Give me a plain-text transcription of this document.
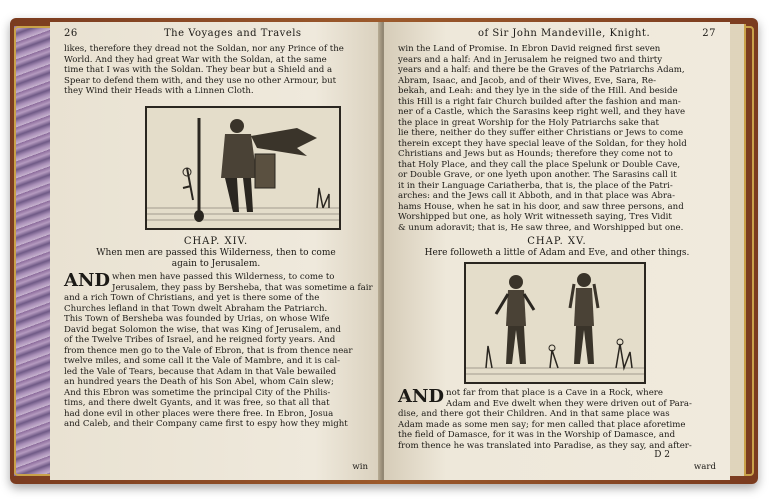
26	The Voyages and Travels
likes, therefore they dread not the Soldan, nor any Prince of the
World. And they had great War with the Soldan, at the same
time that I was with the Soldan. They bear but a Shield and a
Spear to defend them with, and they use no other Armour, but
they Wind their Heads with a Linnen Cloth.
CHAP. XIV.
When men are passed this Wilderness, then to come
again to Jerusalem.
AND when men have passed this Wilderness, to come to
Jerusalem, they pass by Bersheba, that was sometime a fair
and a rich Town of Christians, and yet is there some of the
Churches lefland in that Town dwelt Abraham the Patriarch.
This Town of Bersheba was founded by Urias, on whose Wife
David begat Solomon the wise, that was King of Jerusalem, and
of the Twelve Tribes of Israel, and he reigned forty years. And
from thence men go to the Vale of Ebron, that is from thence near
twelve miles, and some call it the Vale of Mambre, and it is cal-
led the Vale of Tears, because that Adam in that Vale bewailed
an hundred years the Death of his Son Abel, whom Cain slew;
And this Ebron was sometime the principal City of the Philis-
tims, and there dwelt Gyants, and it was free, so that all that
had done evil in other places were there free. In Ebron, Josua
and Caleb, and their Company came first to espy how they might
win
of Sir John Mandeville, Knight.	27
win the Land of Promise. In Ebron David reigned first seven
years and a half: And in Jerusalem he reigned two and thirty
years and a half: and there be the Graves of the Patriarchs Adam,
Abram, Isaac, and Jacob, and of their Wives, Eve, Sara, Re-
bekah, and Leah: and they lye in the side of the Hill. And beside
this Hill is a right fair Church builded after the fashion and man-
ner of a Castle, which the Sarasins keep right well, and they have
the place in great Worship for the Holy Patriarchs sake that
lie there, neither do they suffer either Christians or Jews to come
therein except they have special leave of the Soldan, for they hold
Christians and Jews but as Hounds; therefore they come not to
that Holy Place, and they call the place Spelunk or Double Cave,
or Double Grave, or one lyeth upon another. The Sarasins call it
it in their Language Cariatherba, that is, the place of the Patri-
arches: and the Jews call it Abboth, and in that place was Abra-
hams House, when he sat in his door, and saw three persons, and
Worshipped but one, as holy Writ witnesseth saying, Tres Vidit
& unum adoravit; that is, He saw three, and Worshipped but one.
CHAP. XV.
Here followeth a little of Adam and Eve, and other things.
AND not far from that place is a Cave in a Rock, where
Adam and Eve dwelt when they were driven out of Para-
dise, and there got their Children. And in that same place was
Adam made as some men say; for men called that place aforetime
the field of Damasce, for it was in the Worship of Damasce, and
from thence he was translated into Paradise, as they say, and after-
D 2
ward
